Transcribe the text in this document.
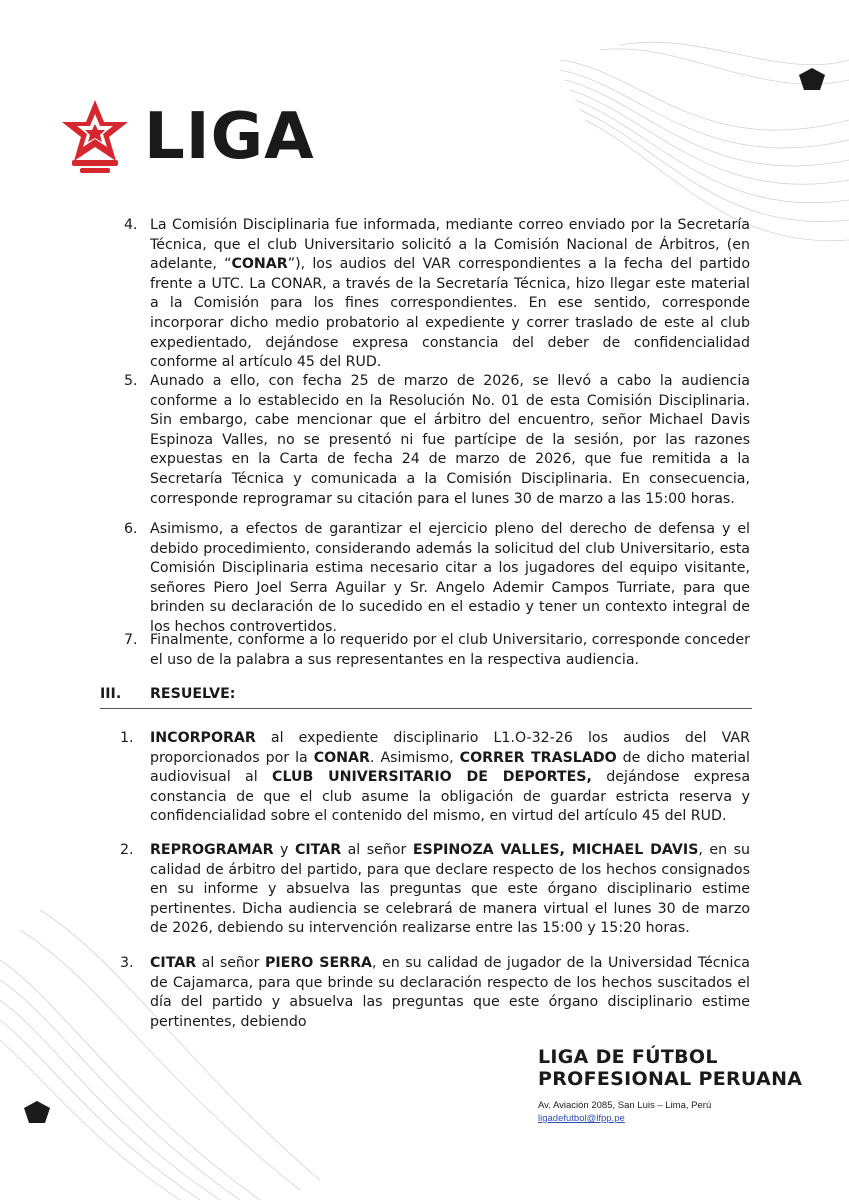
LIGA
4. La Comisión Disciplinaria fue informada, mediante correo enviado por la Secretaría Técnica, que el club Universitario solicitó a la Comisión Nacional de Árbitros, (en adelante, “CONAR”), los audios del VAR correspondientes a la fecha del partido frente a UTC. La CONAR, a través de la Secretaría Técnica, hizo llegar este material a la Comisión para los fines correspondientes. En ese sentido, corresponde incorporar dicho medio probatorio al expediente y correr traslado de este al club expedientado, dejándose expresa constancia del deber de confidencialidad conforme al artículo 45 del RUD.
5. Aunado a ello, con fecha 25 de marzo de 2026, se llevó a cabo la audiencia conforme a lo establecido en la Resolución No. 01 de esta Comisión Disciplinaria. Sin embargo, cabe mencionar que el árbitro del encuentro, señor Michael Davis Espinoza Valles, no se presentó ni fue partícipe de la sesión, por las razones expuestas en la Carta de fecha 24 de marzo de 2026, que fue remitida a la Secretaría Técnica y comunicada a la Comisión Disciplinaria. En consecuencia, corresponde reprogramar su citación para el lunes 30 de marzo a las 15:00 horas.
6. Asimismo, a efectos de garantizar el ejercicio pleno del derecho de defensa y el debido procedimiento, considerando además la solicitud del club Universitario, esta Comisión Disciplinaria estima necesario citar a los jugadores del equipo visitante, señores Piero Joel Serra Aguilar y Sr. Angelo Ademir Campos Turriate, para que brinden su declaración de lo sucedido en el estadio y tener un contexto integral de los hechos controvertidos.
7. Finalmente, conforme a lo requerido por el club Universitario, corresponde conceder el uso de la palabra a sus representantes en la respectiva audiencia.
III. RESUELVE:
1.	INCORPORAR al expediente disciplinario L1.O-32-26 los audios del VAR proporcionados por la CONAR. Asimismo, CORRER TRASLADO de dicho material audiovisual al CLUB UNIVERSITARIO DE DEPORTES, dejándose expresa constancia de que el club asume la obligación de guardar estricta reserva y confidencialidad sobre el contenido del mismo, en virtud del artículo 45 del RUD.
2.	REPROGRAMAR y CITAR al señor ESPINOZA VALLES, MICHAEL DAVIS, en su calidad de árbitro del partido, para que declare respecto de los hechos consignados en su informe y absuelva las preguntas que este órgano disciplinario estime pertinentes. Dicha audiencia se celebrará de manera virtual el lunes 30 de marzo de 2026, debiendo su intervención realizarse entre las 15:00 y 15:20 horas.
3.	CITAR al señor PIERO SERRA, en su calidad de jugador de la Universidad Técnica de Cajamarca, para que brinde su declaración respecto de los hechos suscitados el día del partido y absuelva las preguntas que este órgano disciplinario estime pertinentes, debiendo
LIGA DE FÚTBOL
PROFESIONAL PERUANA
Av. Aviación 2085, San Luis – Lima, Perú
ligadefutbol@lfpp.pe
